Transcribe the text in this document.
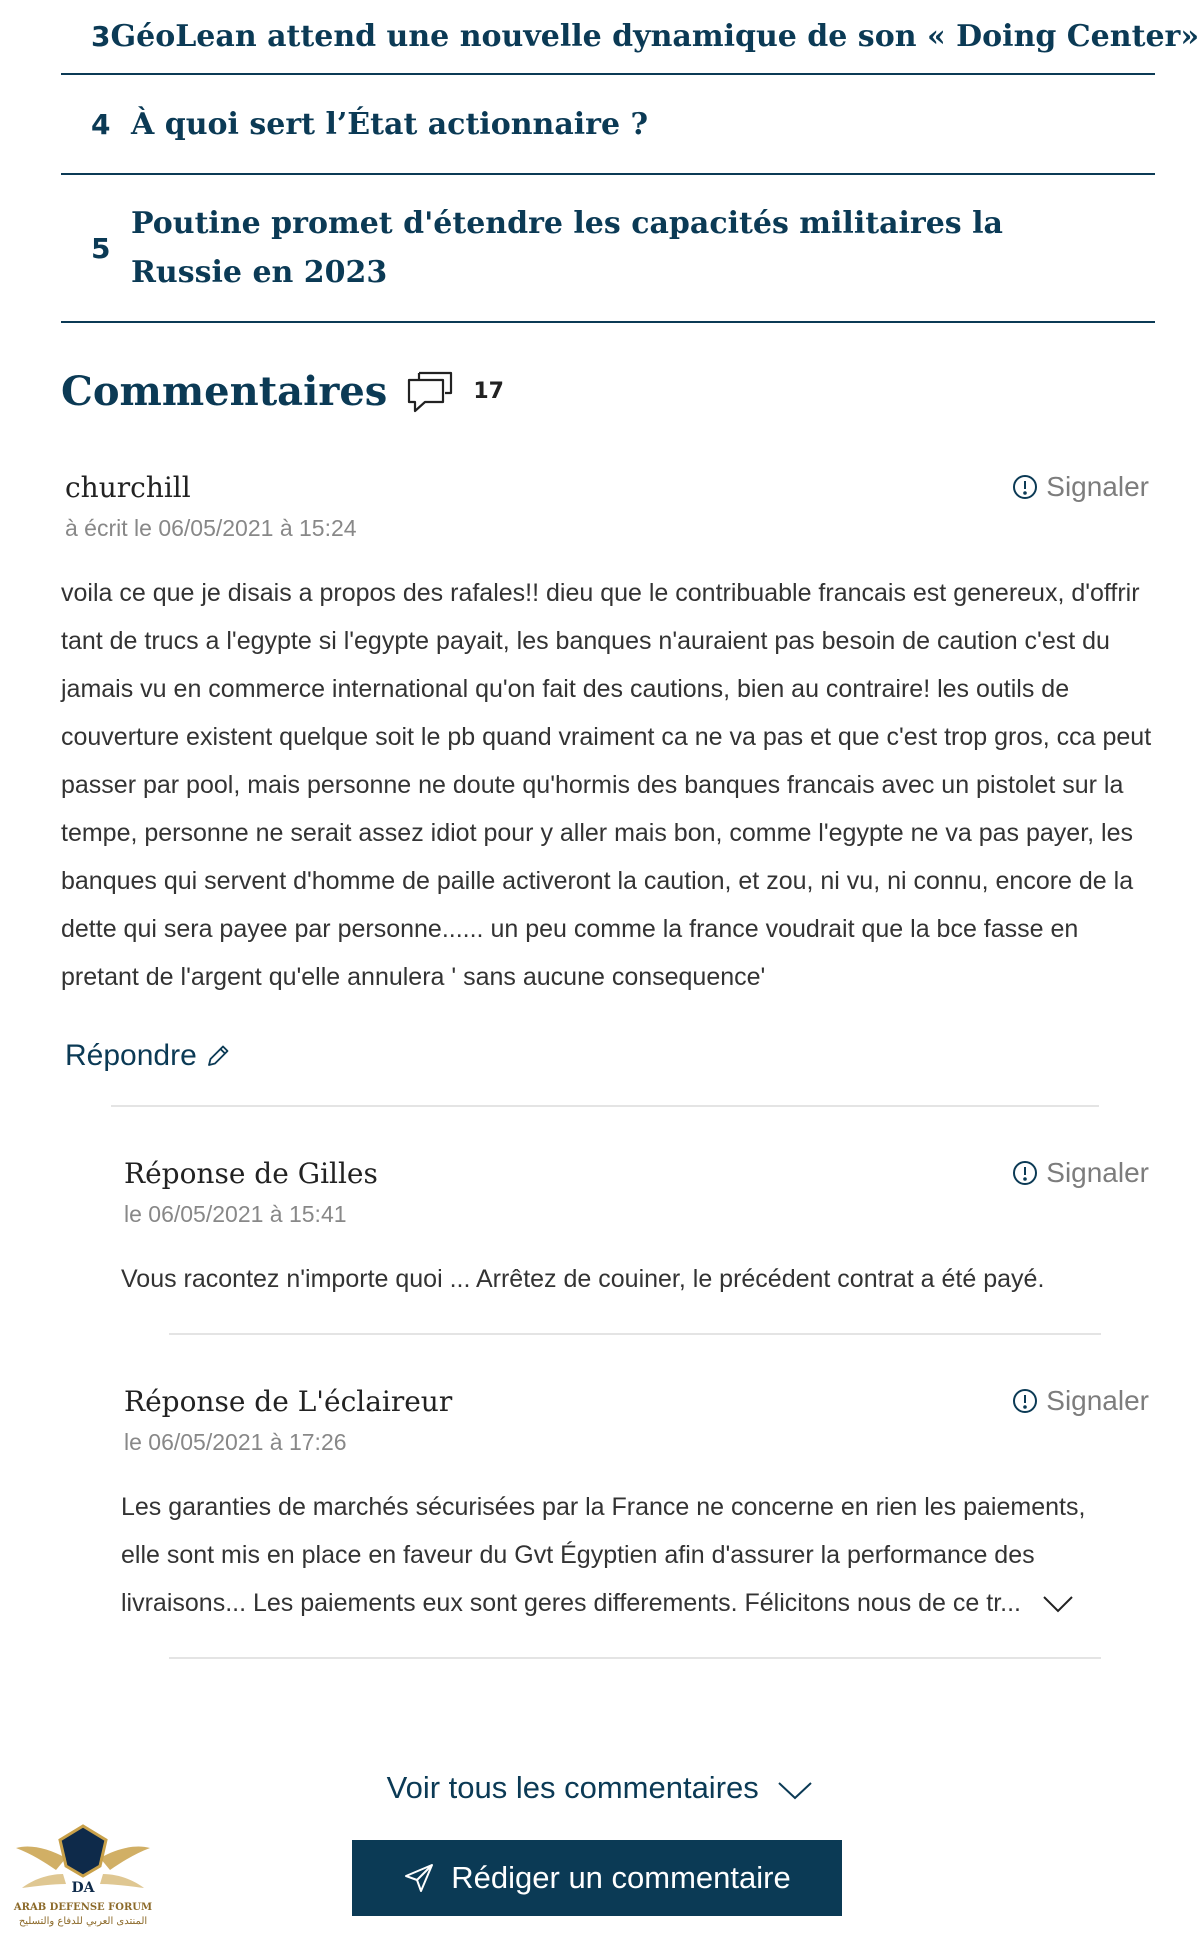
3 GéoLean attend une nouvelle dynamique de son « Doing Center»
4 À quoi sert l’État actionnaire ?
5
Poutine promet d'étendre les capacités militaires la Russie en 2023
Commentaires	17
churchill
à écrit le 06/05/2021 à 15:24
Signaler
voila ce que je disais a propos des rafales!! dieu que le contribuable francais est genereux, d'offrir tant de trucs a l'egypte si l'egypte payait, les banques n'auraient pas besoin de caution c'est du jamais vu en commerce international qu'on fait des cautions, bien au contraire! les outils de couverture existent quelque soit le pb quand vraiment ca ne va pas et que c'est trop gros, cca peut passer par pool, mais personne ne doute qu'hormis des banques francais avec un pistolet sur la tempe, personne ne serait assez idiot pour y aller mais bon, comme l'egypte ne va pas payer, les banques qui servent d'homme de paille activeront la caution, et zou, ni vu, ni connu, encore de la dette qui sera payee par personne...... un peu comme la france voudrait que la bce fasse en pretant de l'argent qu'elle annulera ' sans aucune consequence'
Répondre
Réponse de Gilles
le 06/05/2021 à 15:41
Signaler
Vous racontez n'importe quoi ... Arrêtez de couiner, le précédent contrat a été payé.
Réponse de L'éclaireur
le 06/05/2021 à 17:26
Signaler
Les garanties de marchés sécurisées par la France ne concerne en rien les paiements, elle sont mis en place en faveur du Gvt Égyptien afin d'assurer la performance des livraisons... Les paiements eux sont geres differements. Félicitons nous de ce tr...
Voir tous les commentaires
Rédiger un commentaire
DA
ARAB DEFENSE FORUM
المنتدى العربي للدفاع والتسليح
